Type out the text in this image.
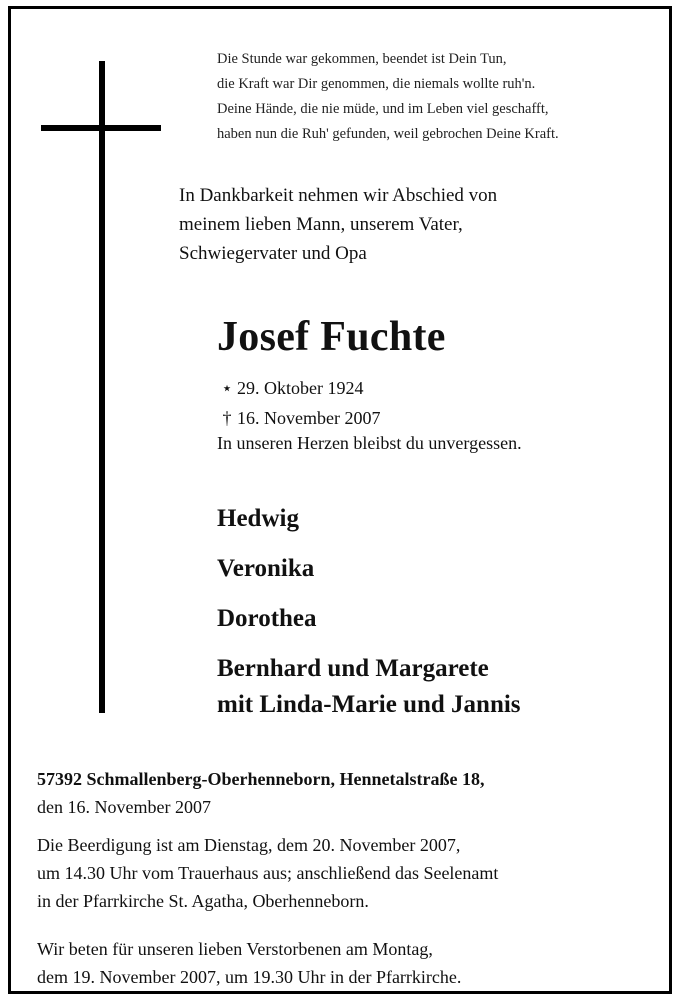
Die Stunde war gekommen, beendet ist Dein Tun,
die Kraft war Dir genommen, die niemals wollte ruh'n.
Deine Hände, die nie müde, und im Leben viel geschafft,
haben nun die Ruh' gefunden, weil gebrochen Deine Kraft.
In Dankbarkeit nehmen wir Abschied von
meinem lieben Mann, unserem Vater,
Schwiegervater und Opa
Josef Fuchte
⋆ 29. Oktober 1924
† 16. November 2007
In unseren Herzen bleibst du unvergessen.
Hedwig
Veronika
Dorothea
Bernhard und Margarete
mit Linda-Marie und Jannis
57392 Schmallenberg-Oberhenneborn, Hennetalstraße 18,
den 16. November 2007
Die Beerdigung ist am Dienstag, dem 20. November 2007,
um 14.30 Uhr vom Trauerhaus aus; anschließend das Seelenamt
in der Pfarrkirche St. Agatha, Oberhenneborn.
Wir beten für unseren lieben Verstorbenen am Montag,
dem 19. November 2007, um 19.30 Uhr in der Pfarrkirche.
